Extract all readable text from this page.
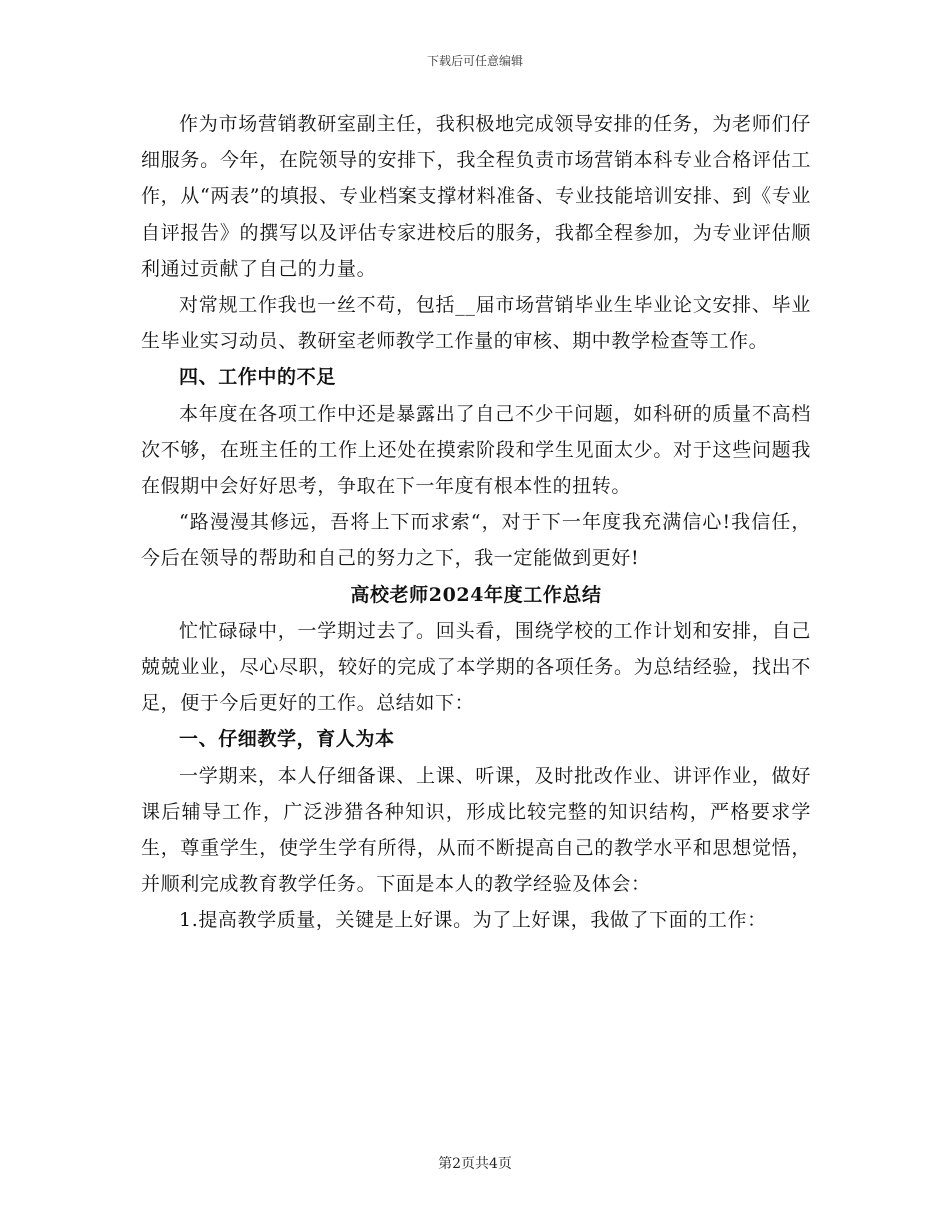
下载后可任意编辑

作为市场营销教研室副主任，我积极地完成领导安排的任务，为老师们仔细服务。今年，在院领导的安排下，我全程负责市场营销本科专业合格评估工作，从“两表”的填报、专业档案支撑材料准备、专业技能培训安排、到《专业自评报告》的撰写以及评估专家进校后的服务，我都全程参加，为专业评估顺利通过贡献了自己的力量。

对常规工作我也一丝不苟，包括__届市场营销毕业生毕业论文安排、毕业生毕业实习动员、教研室老师教学工作量的审核、期中教学检查等工作。

四、工作中的不足

本年度在各项工作中还是暴露出了自己不少干问题，如科研的质量不高档次不够，在班主任的工作上还处在摸索阶段和学生见面太少。对于这些问题我在假期中会好好思考，争取在下一年度有根本性的扭转。

“路漫漫其修远，吾将上下而求索“，对于下一年度我充满信心!我信任，今后在领导的帮助和自己的努力之下，我一定能做到更好!

高校老师2024年度工作总结

忙忙碌碌中，一学期过去了。回头看，围绕学校的工作计划和安排，自己兢兢业业，尽心尽职，较好的完成了本学期的各项任务。为总结经验，找出不足，便于今后更好的工作。总结如下：

一、仔细教学，育人为本

一学期来，本人仔细备课、上课、听课，及时批改作业、讲评作业，做好课后辅导工作，广泛涉猎各种知识，形成比较完整的知识结构，严格要求学生，尊重学生，使学生学有所得，从而不断提高自己的教学水平和思想觉悟，并顺利完成教育教学任务。下面是本人的教学经验及体会：

1.提高教学质量，关键是上好课。为了上好课，我做了下面的工作：

第2页共4页
